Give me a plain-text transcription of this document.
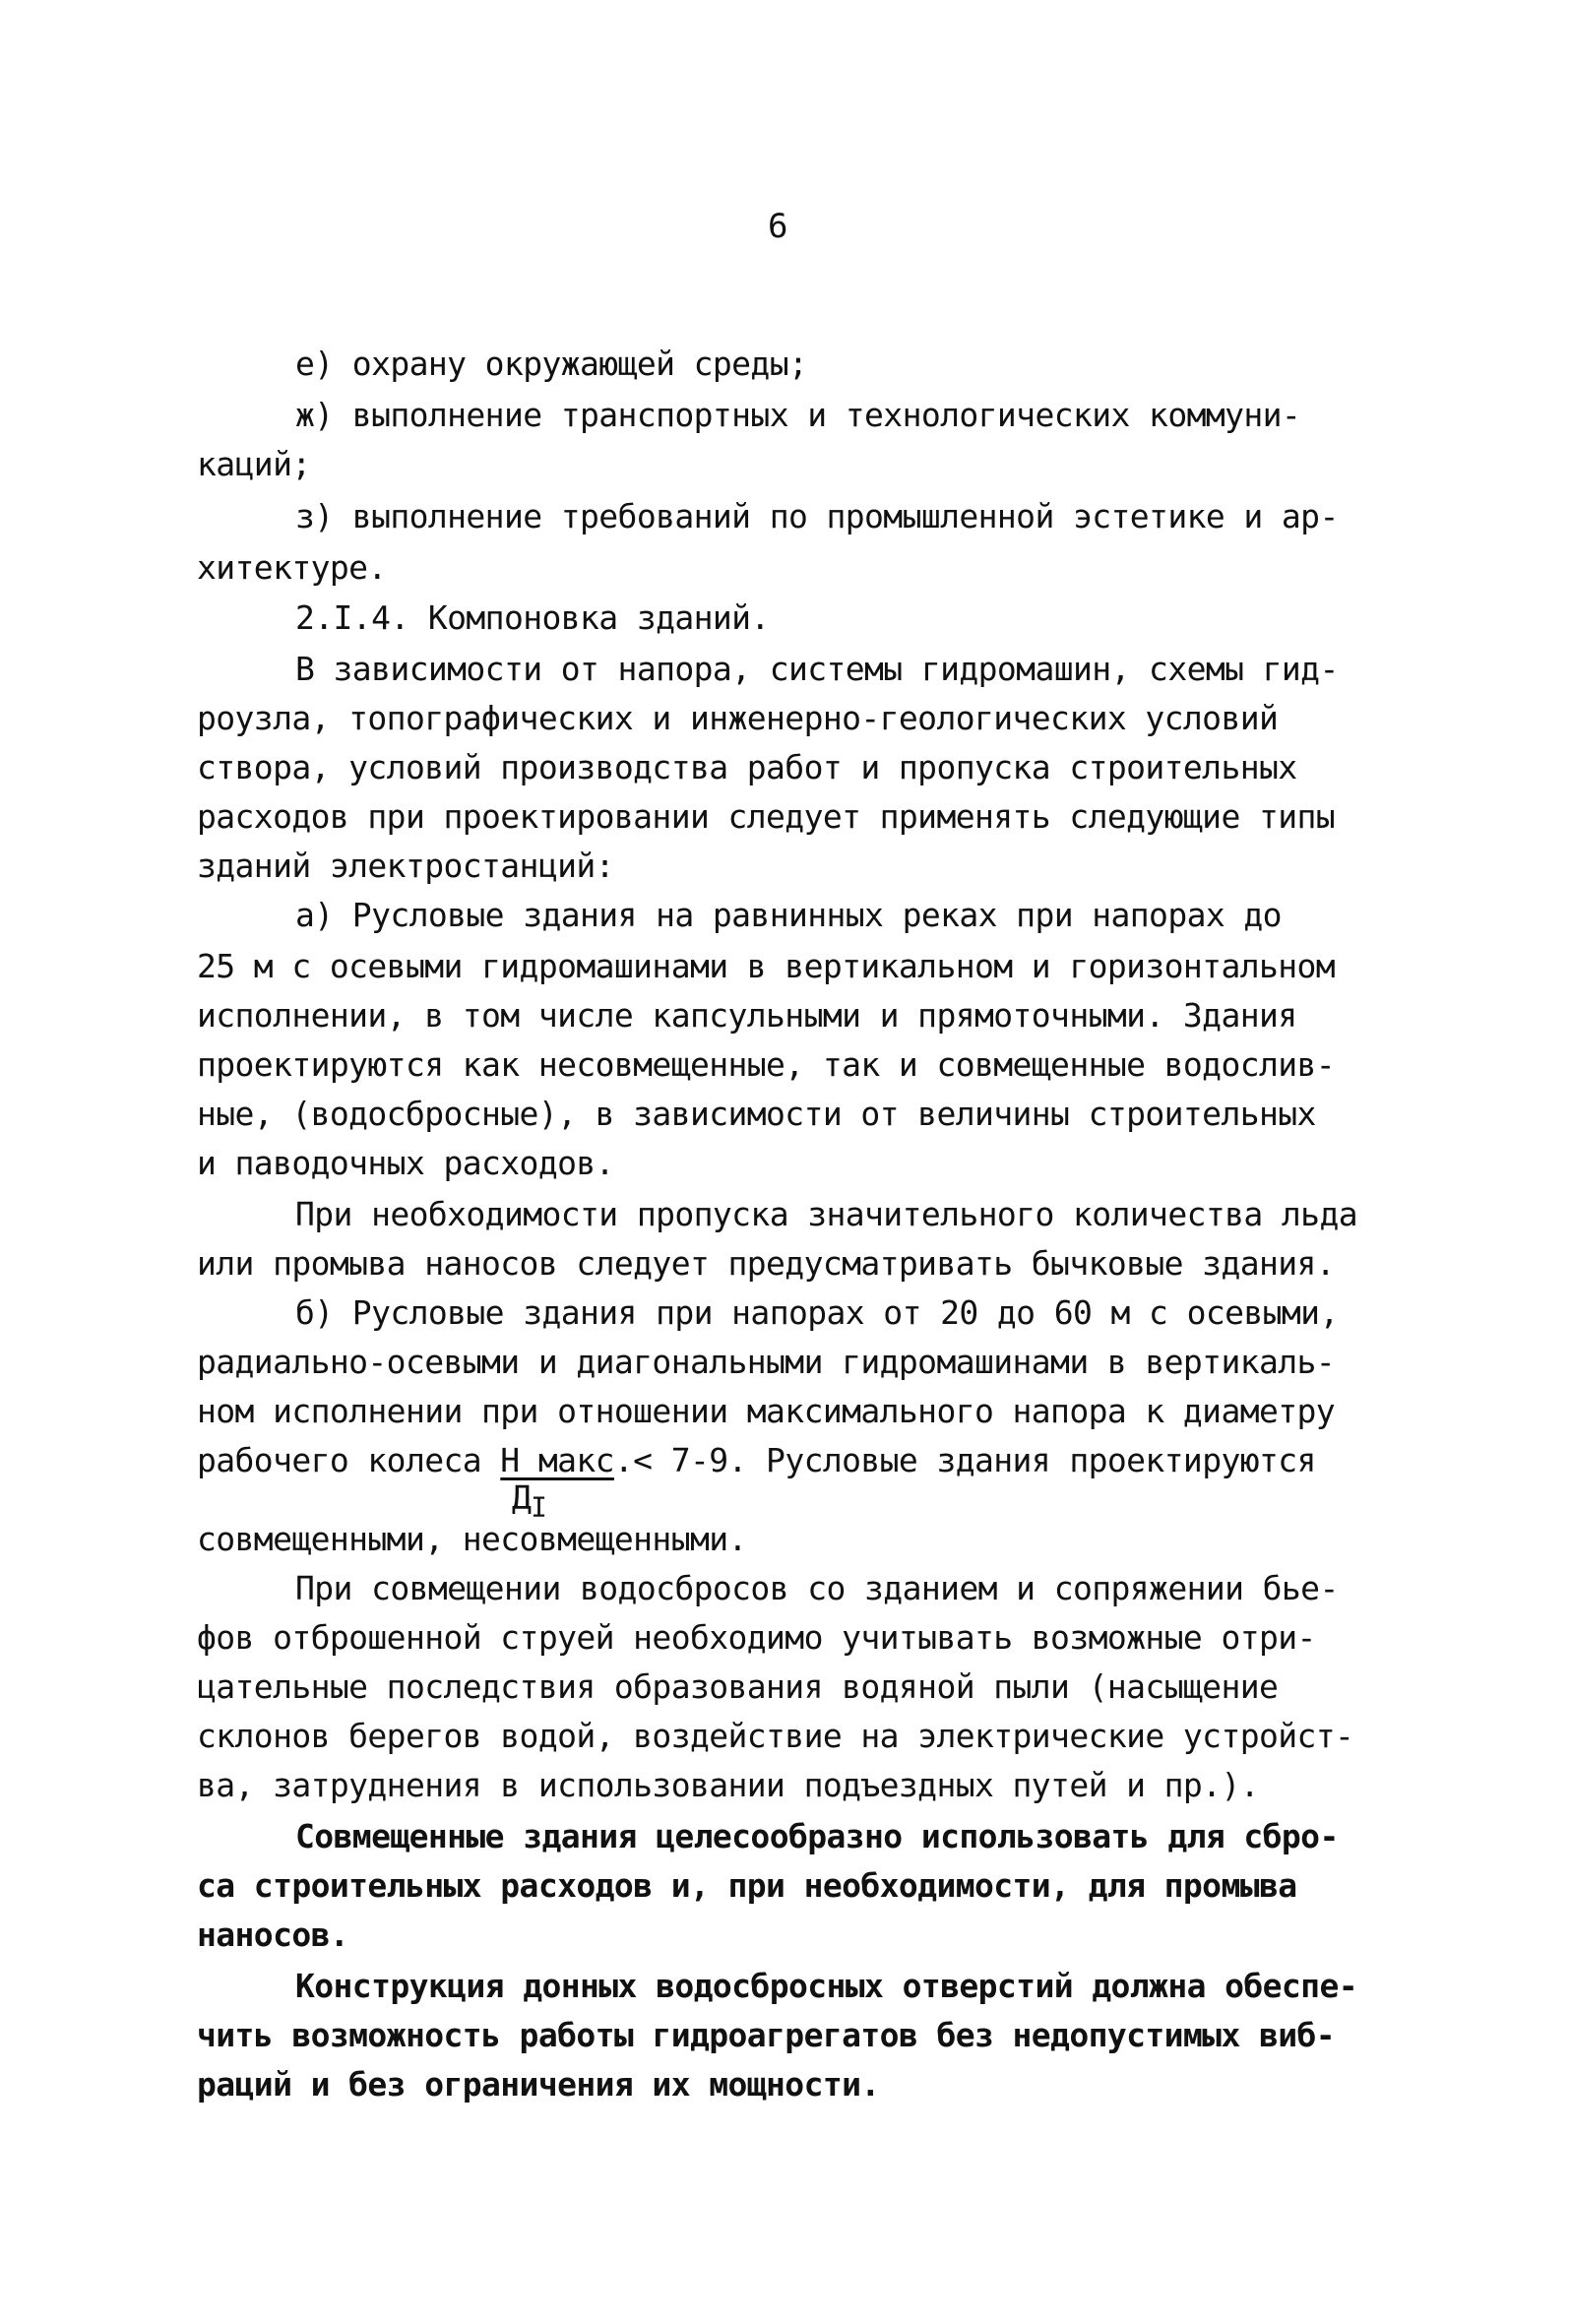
6
е) охрану окружающей среды;
ж) выполнение транспортных и технологических коммуни-
каций;
з) выполнение требований по промышленной эстетике и ар-
хитектуре.
2.I.4. Компоновка зданий.
В зависимости от напора, системы гидромашин, схемы гид-
роузла, топографических и инженерно-геологических условий
створа, условий производства работ и пропуска строительных
расходов при проектировании следует применять следующие типы
зданий электростанций:
а) Русловые здания на равнинных реках при напорах до
25 м с осевыми гидромашинами в вертикальном и горизонтальном
исполнении, в том числе капсульными и прямоточными. Здания
проектируются как несовмещенные, так и совмещенные водослив-
ные, (водосбросные), в зависимости от величины строительных
и паводочных расходов.
При необходимости пропуска значительного количества льда
или промыва наносов следует предусматривать бычковые здания.
б) Русловые здания при напорах от 20 до 60 м с осевыми,
радиально-осевыми и диагональными гидромашинами в вертикаль-
ном исполнении при отношении максимального напора к диаметру
рабочего колеса Н макс.< 7-9. Русловые здания проектируются
$Д_I$
совмещенными, несовмещенными.
При совмещении водосбросов со зданием и сопряжении бье-
фов отброшенной струей необходимо учитывать возможные отри-
цательные последствия образования водяной пыли (насыщение
склонов берегов водой, воздействие на электрические устройст-
ва, затруднения в использовании подъездных путей и пр.).
Совмещенные здания целесообразно использовать для сбро-
са строительных расходов и, при необходимости, для промыва
наносов.
Конструкция донных водосбросных отверстий должна обеспе-
чить возможность работы гидроагрегатов без недопустимых виб-
раций и без ограничения их мощности.
